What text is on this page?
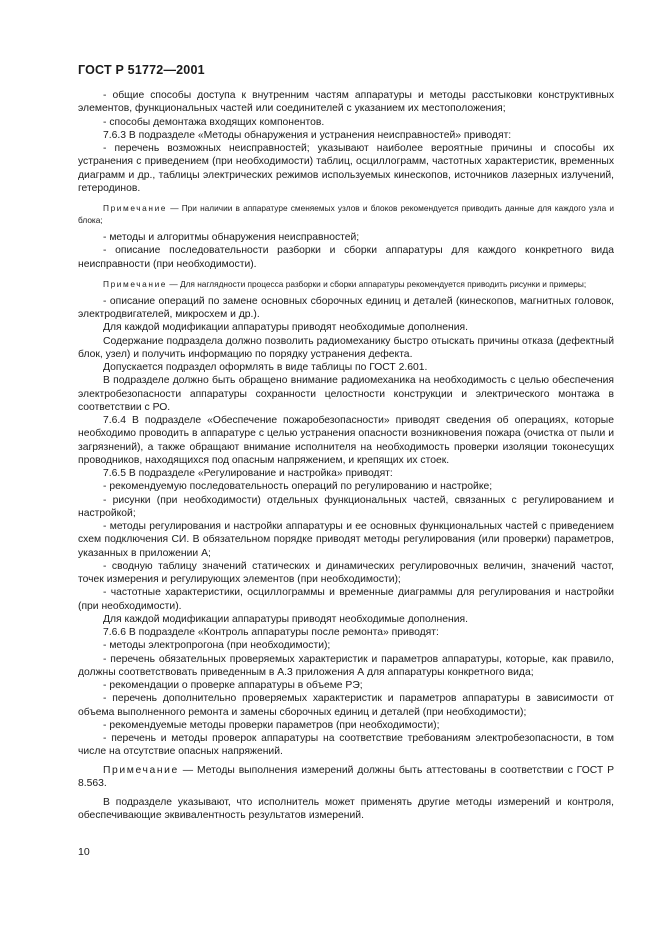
ГОСТ Р 51772—2001

- общие способы доступа к внутренним частям аппаратуры и методы расстыковки конструктивных элементов, функциональных частей или соединителей с указанием их местоположения;

- способы демонтажа входящих компонентов.

7.6.3 В подразделе «Методы обнаружения и устранения неисправностей» приводят:

- перечень возможных неисправностей; указывают наиболее вероятные причины и способы их устранения с приведением (при необходимости) таблиц, осциллограмм, частотных характеристик, временных диаграмм и др., таблицы электрических режимов используемых кинескопов, источников лазерных излучений, гетеродинов.

Примечание — При наличии в аппаратуре сменяемых узлов и блоков рекомендуется приводить данные для каждого узла и блока;

- методы и алгоритмы обнаружения неисправностей;

- описание последовательности разборки и сборки аппаратуры для каждого конкретного вида неисправности (при необходимости).

Примечание — Для наглядности процесса разборки и сборки аппаратуры рекомендуется приводить рисунки и примеры;

- описание операций по замене основных сборочных единиц и деталей (кинескопов, магнитных головок, электродвигателей, микросхем и др.).

Для каждой модификации аппаратуры приводят необходимые дополнения.

Содержание подраздела должно позволить радиомеханику быстро отыскать причины отказа (дефектный блок, узел) и получить информацию по порядку устранения дефекта.

Допускается подраздел оформлять в виде таблицы по ГОСТ 2.601.

В подразделе должно быть обращено внимание радиомеханика на необходимость с целью обеспечения электробезопасности аппаратуры сохранности целостности конструкции и электрического монтажа в соответствии с РО.

7.6.4 В подразделе «Обеспечение пожаробезопасности» приводят сведения об операциях, которые необходимо проводить в аппаратуре с целью устранения опасности возникновения пожара (очистка от пыли и загрязнений), а также обращают внимание исполнителя на необходимость проверки изоляции токонесущих проводников, находящихся под опасным напряжением, и крепящих их стоек.

7.6.5 В подразделе «Регулирование и настройка» приводят:

- рекомендуемую последовательность операций по регулированию и настройке;

- рисунки (при необходимости) отдельных функциональных частей, связанных с регулированием и настройкой;

- методы регулирования и настройки аппаратуры и ее основных функциональных частей с приведением схем подключения СИ. В обязательном порядке приводят методы регулирования (или проверки) параметров, указанных в приложении А;

- сводную таблицу значений статических и динамических регулировочных величин, значений частот, точек измерения и регулирующих элементов (при необходимости);

- частотные характеристики, осциллограммы и временные диаграммы для регулирования и настройки (при необходимости).

Для каждой модификации аппаратуры приводят необходимые дополнения.

7.6.6 В подразделе «Контроль аппаратуры после ремонта» приводят:

- методы электропрогона (при необходимости);

- перечень обязательных проверяемых характеристик и параметров аппаратуры, которые, как правило, должны соответствовать приведенным в А.3 приложения А для аппаратуры конкретного вида;

- рекомендации о проверке аппаратуры в объеме РЭ;

- перечень дополнительно проверяемых характеристик и параметров аппаратуры в зависимости от объема выполненного ремонта и замены сборочных единиц и деталей (при необходимости);

- рекомендуемые методы проверки параметров (при необходимости);

- перечень и методы проверок аппаратуры на соответствие требованиям электробезопасности, в том числе на отсутствие опасных напряжений.

Примечание — Методы выполнения измерений должны быть аттестованы в соответствии с ГОСТ Р 8.563.

В подразделе указывают, что исполнитель может применять другие методы измерений и контроля, обеспечивающие эквивалентность результатов измерений.

10
